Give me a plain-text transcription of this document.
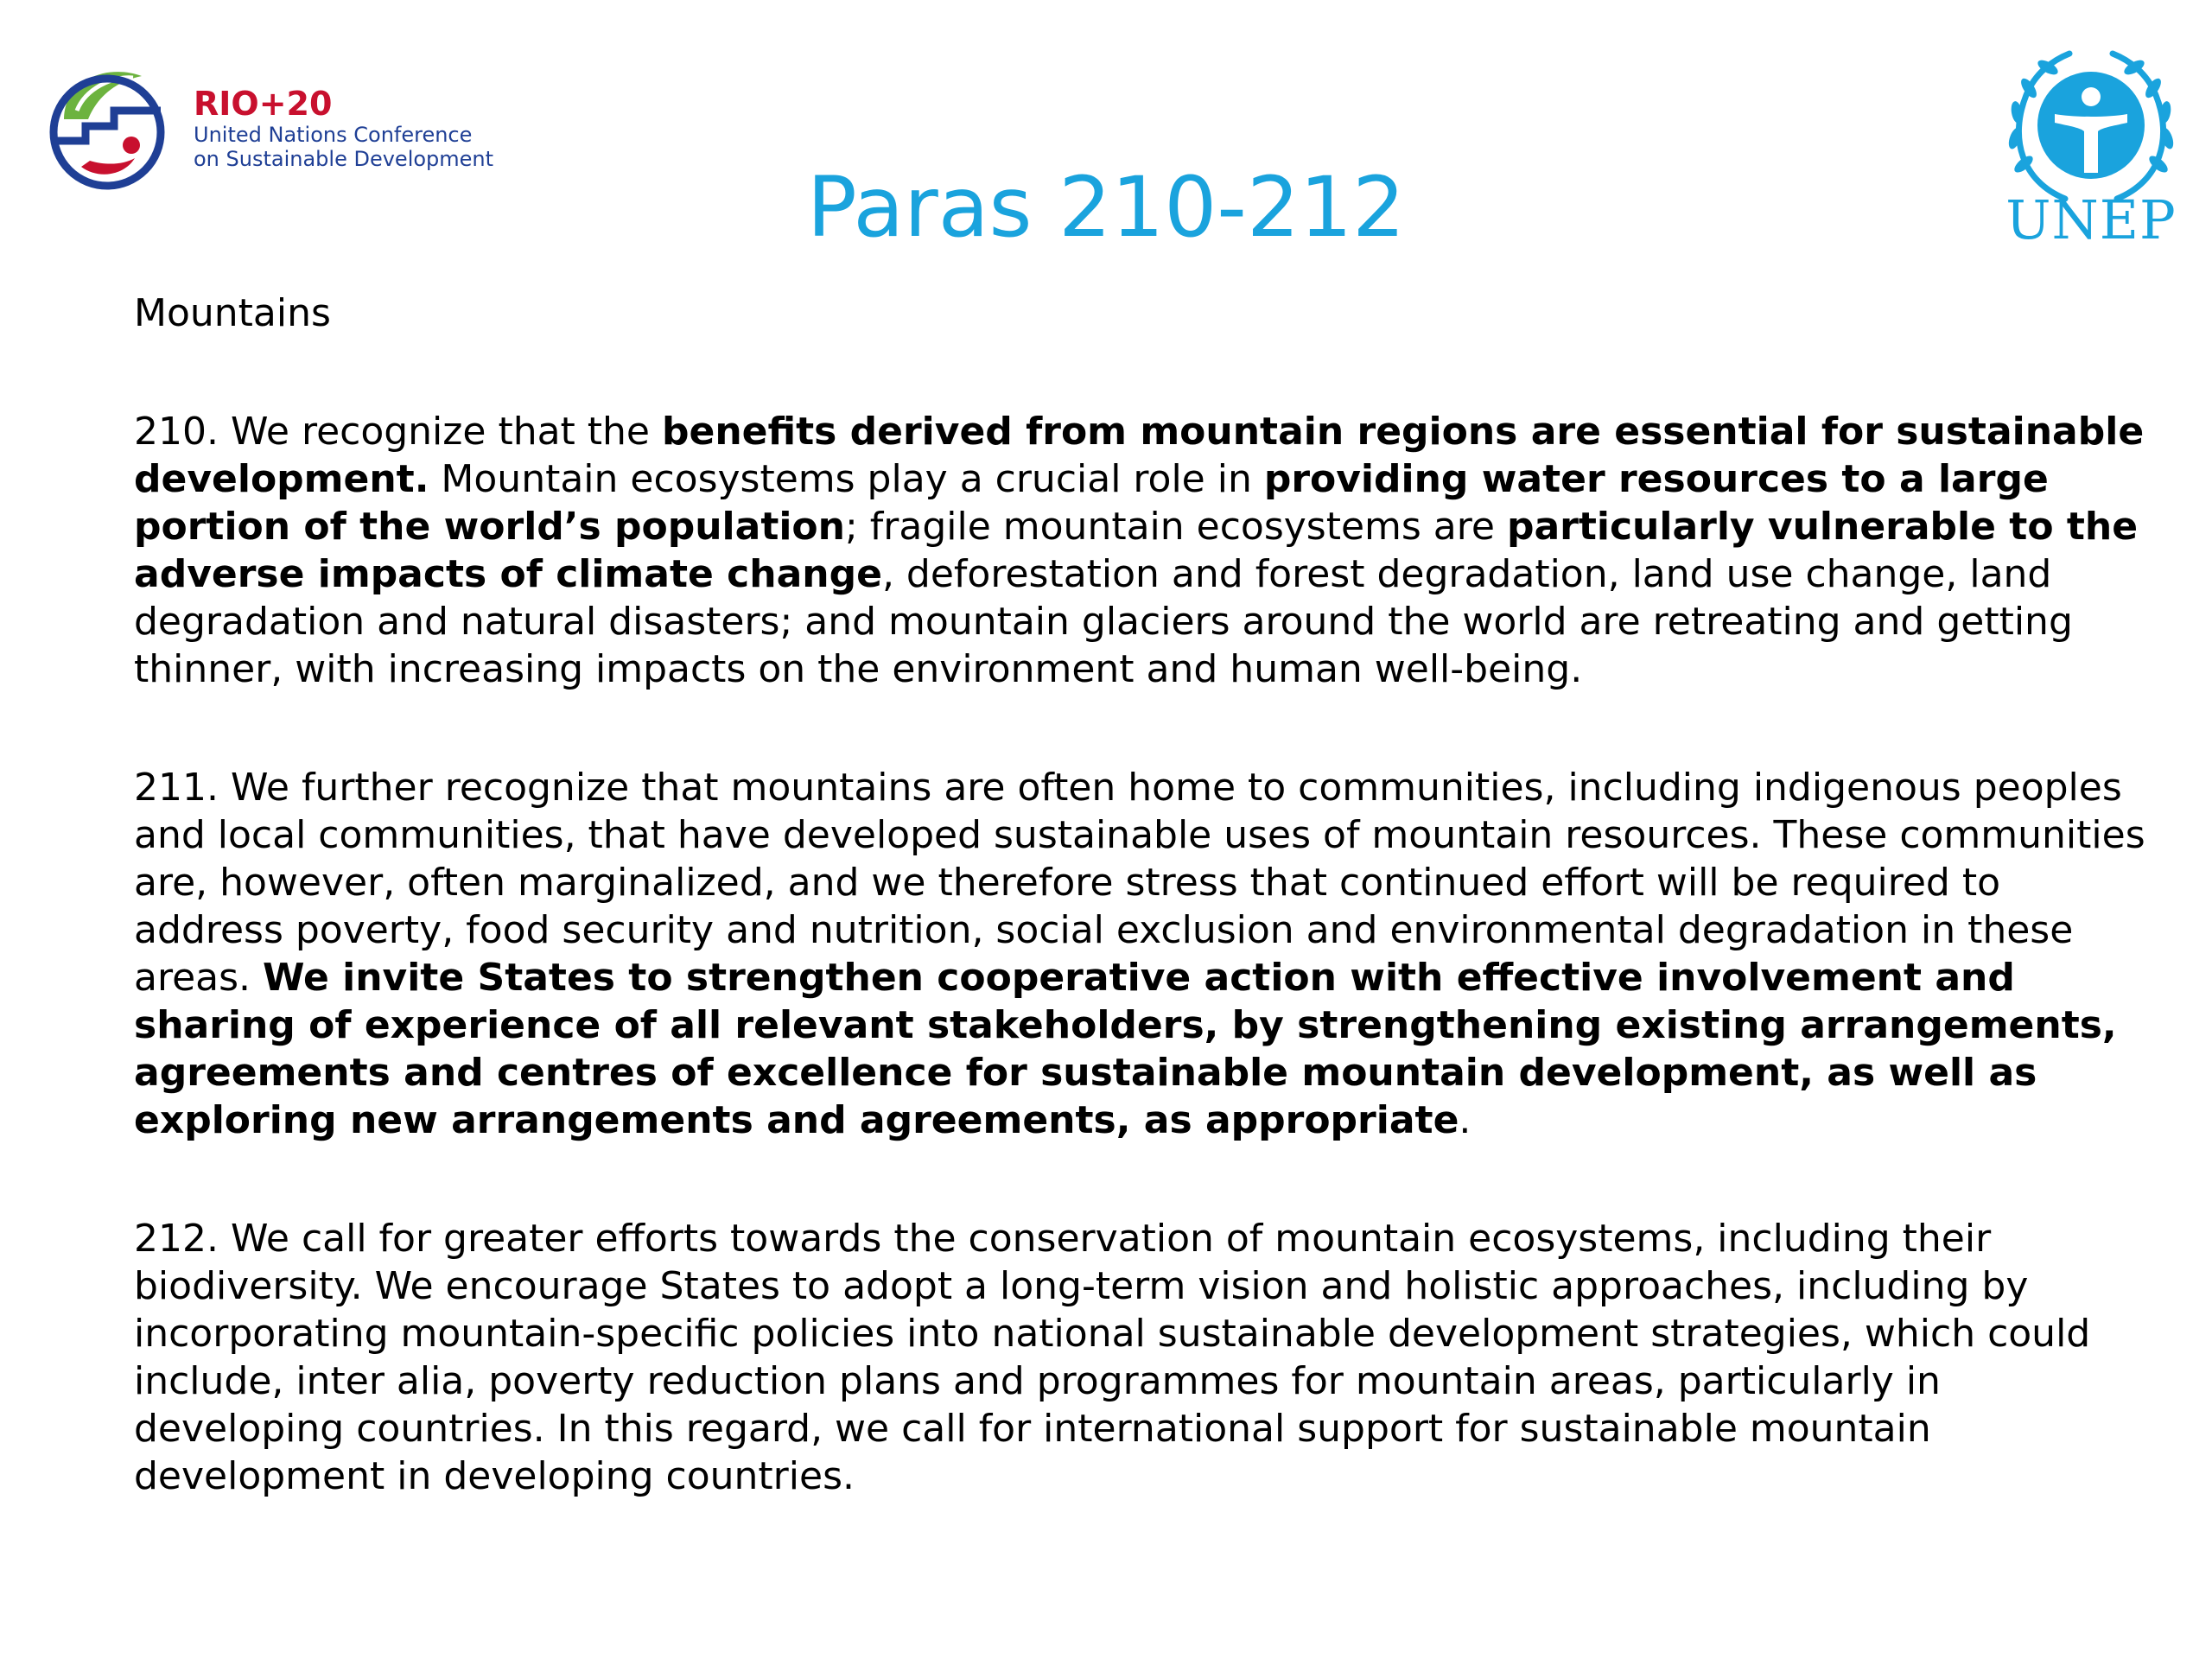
RIO+20
United Nations Conference
on Sustainable Development
UNEP
Paras 210-212
Mountains
210. We recognize that the benefits derived from mountain regions are essential for sustainable development. Mountain ecosystems play a crucial role in providing water resources to a large portion of the world’s population; fragile mountain ecosystems are particularly vulnerable to the adverse impacts of climate change, deforestation and forest degradation, land use change, land degradation and natural disasters; and mountain glaciers around the world are retreating and getting thinner, with increasing impacts on the environment and human well-being.
211. We further recognize that mountains are often home to communities, including indigenous peoples and local communities, that have developed sustainable uses of mountain resources. These communities are, however, often marginalized, and we therefore stress that continued effort will be required to address poverty, food security and nutrition, social exclusion and environmental degradation in these areas. We invite States to strengthen cooperative action with effective involvement and sharing of experience of all relevant stakeholders, by strengthening existing arrangements, agreements and centres of excellence for sustainable mountain development, as well as exploring new arrangements and agreements, as appropriate.
212. We call for greater efforts towards the conservation of mountain ecosystems, including their biodiversity. We encourage States to adopt a long-term vision and holistic approaches, including by incorporating mountain-specific policies into national sustainable development strategies, which could include, inter alia, poverty reduction plans and programmes for mountain areas, particularly in developing countries. In this regard, we call for international support for sustainable mountain development in developing countries.
